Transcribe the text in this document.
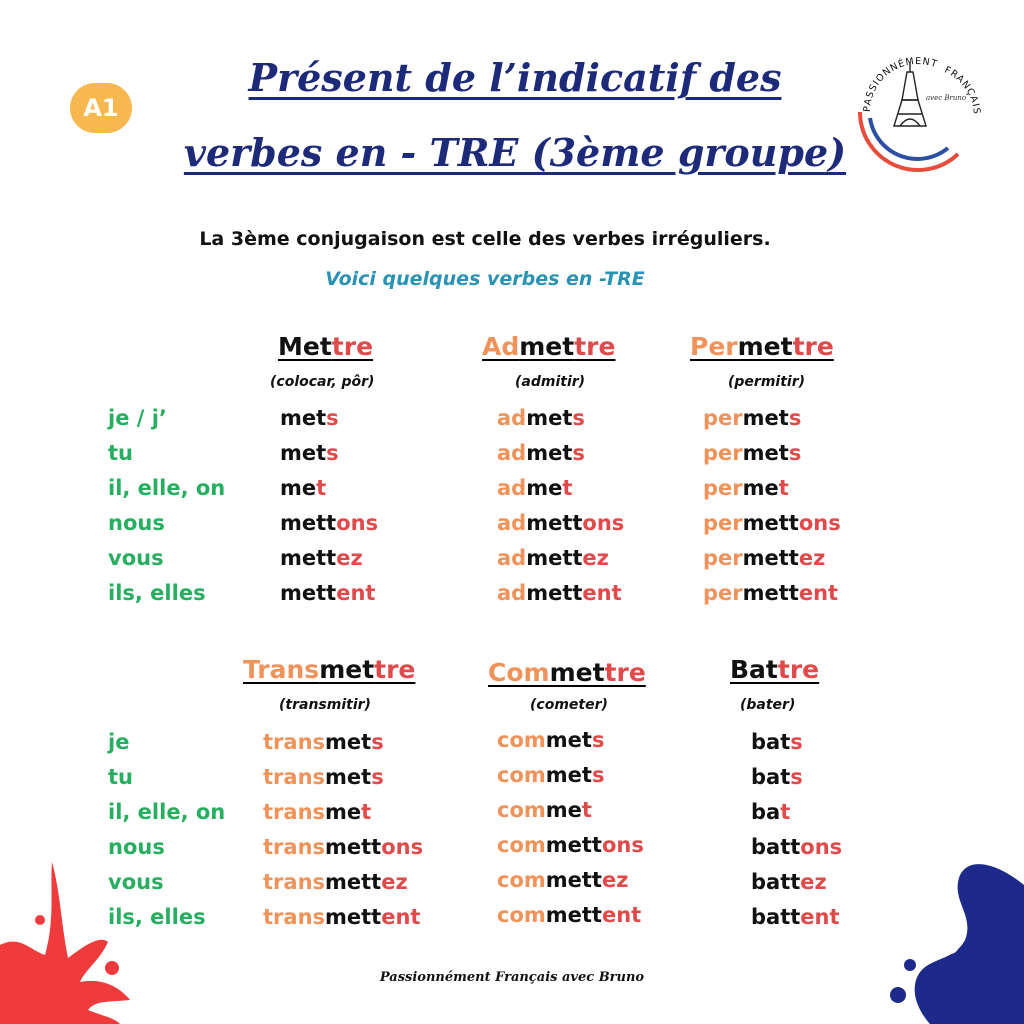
A1
Présent de l’indicatif des
verbes en - TRE (3ème groupe)
PASSIONNÉMENT
FRANÇAIS
avec Bruno
La 3ème conjugaison est celle des verbes irréguliers.
Voici quelques verbes en -TRE
je / j’
tu
il, elle, on
nous
vous
ils, elles
Mettre
(colocar, pôr)
mets
mets
met
mettons
mettez
mettent
Admettre
(admitir)
admets
admets
admet
admettons
admettez
admettent
Permettre
(permitir)
permets
permets
permet
permettons
permettez
permettent
je
tu
il, elle, on
nous
vous
ils, elles
Transmettre
(transmitir)
transmets
transmets
transmet
transmettons
transmettez
transmettent
Commettre
(cometer)
commets
commets
commet
commettons
commettez
commettent
Battre
(bater)
bats
bats
bat
battons
battez
battent
Passionnément Français avec Bruno
